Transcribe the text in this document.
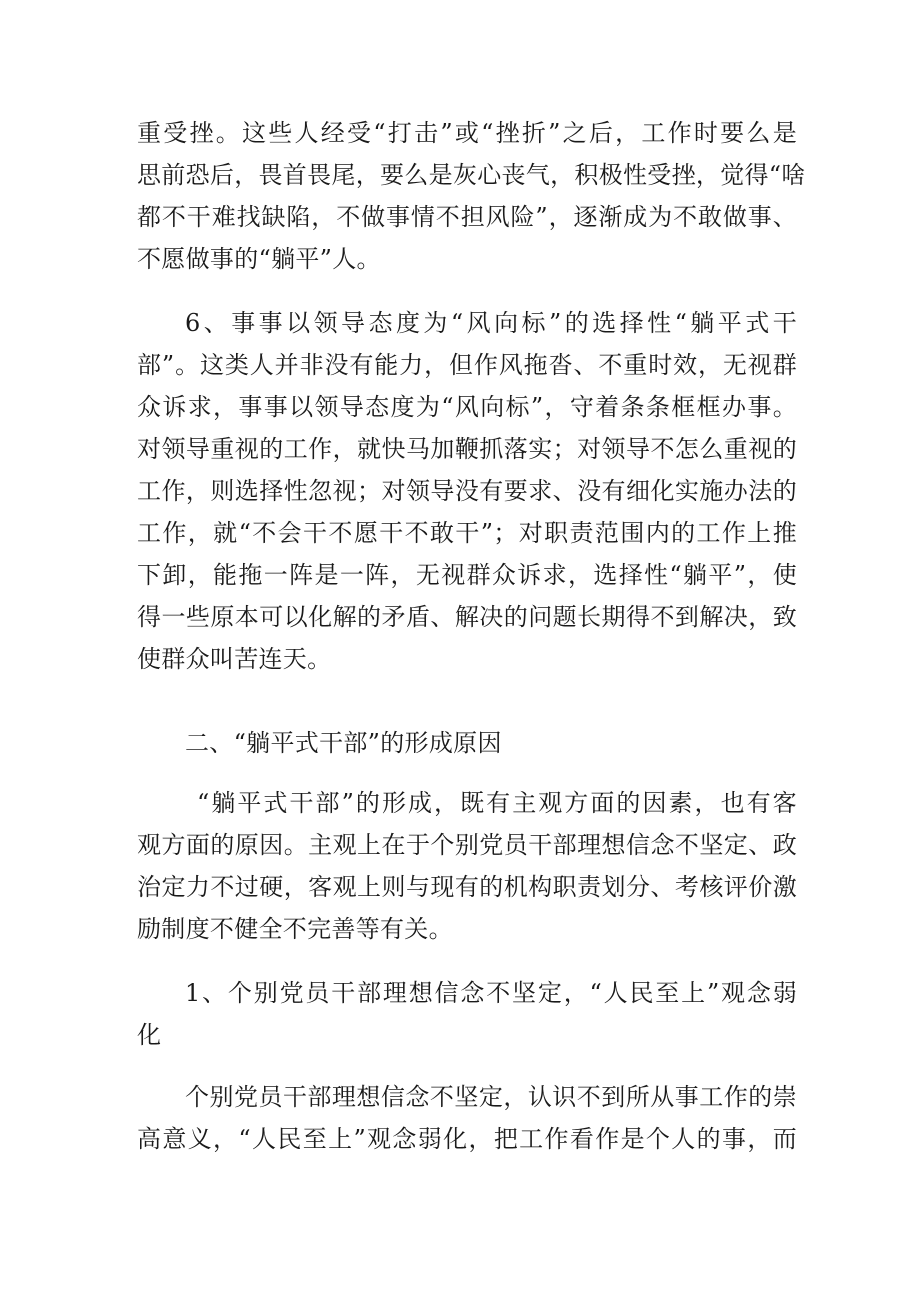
重受挫。这些人经受“打击”或“挫折”之后，工作时要么是
思前恐后，畏首畏尾，要么是灰心丧气，积极性受挫，觉得“啥
都不干难找缺陷，不做事情不担风险”，逐渐成为不敢做事、
不愿做事的“躺平”人。
6、事事以领导态度为“风向标”的选择性“躺平式干
部”。这类人并非没有能力，但作风拖沓、不重时效，无视群
众诉求，事事以领导态度为“风向标”，守着条条框框办事。
对领导重视的工作，就快马加鞭抓落实；对领导不怎么重视的
工作，则选择性忽视；对领导没有要求、没有细化实施办法的
工作，就“不会干不愿干不敢干”；对职责范围内的工作上推
下卸，能拖一阵是一阵，无视群众诉求，选择性“躺平”，使
得一些原本可以化解的矛盾、解决的问题长期得不到解决，致
使群众叫苦连天。
二、“躺平式干部”的形成原因
“躺平式干部”的形成，既有主观方面的因素，也有客
观方面的原因。主观上在于个别党员干部理想信念不坚定、政
治定力不过硬，客观上则与现有的机构职责划分、考核评价激
励制度不健全不完善等有关。
1、个别党员干部理想信念不坚定，“人民至上”观念弱
化
个别党员干部理想信念不坚定，认识不到所从事工作的崇
高意义，“人民至上”观念弱化，把工作看作是个人的事，而
